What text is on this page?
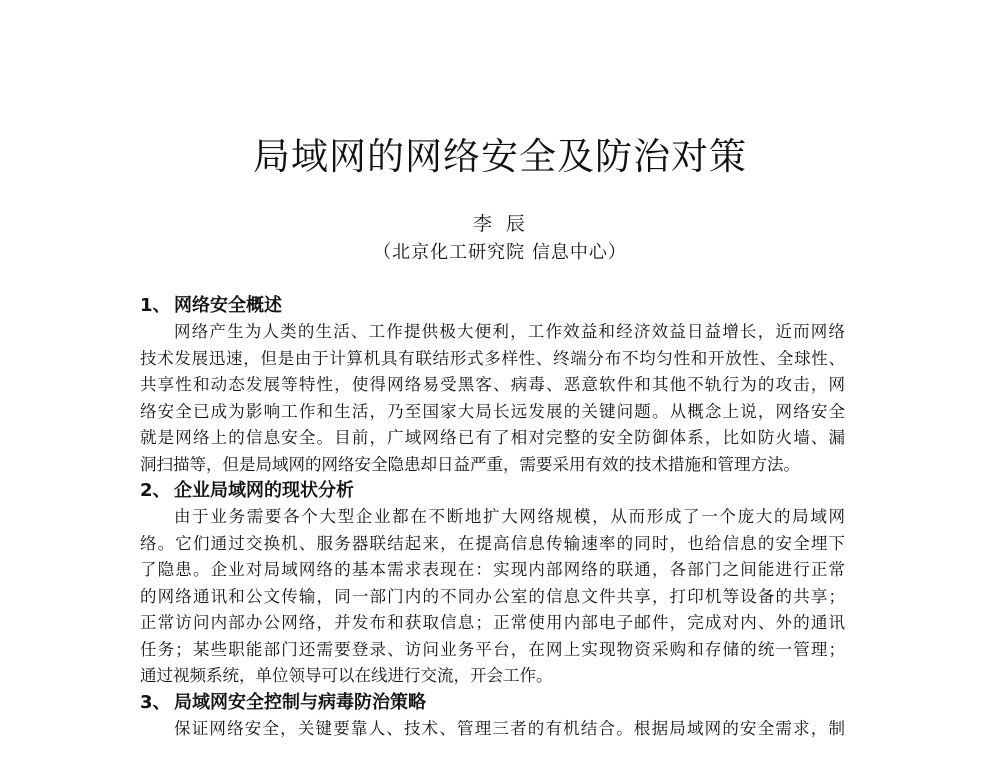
局域网的网络安全及防治对策
李辰
（北京化工研究院 信息中心）
1、 网络安全概述
网络产生为人类的生活、工作提供极大便利，工作效益和经济效益日益增长，近而网络
技术发展迅速，但是由于计算机具有联结形式多样性、终端分布不均匀性和开放性、全球性、
共享性和动态发展等特性，使得网络易受黑客、病毒、恶意软件和其他不轨行为的攻击，网
络安全已成为影响工作和生活，乃至国家大局长远发展的关键问题。从概念上说，网络安全
就是网络上的信息安全。目前，广域网络已有了相对完整的安全防御体系，比如防火墙、漏
洞扫描等，但是局域网的网络安全隐患却日益严重，需要采用有效的技术措施和管理方法。
2、 企业局域网的现状分析
由于业务需要各个大型企业都在不断地扩大网络规模，从而形成了一个庞大的局域网
络。它们通过交换机、服务器联结起来，在提高信息传输速率的同时，也给信息的安全埋下
了隐患。企业对局域网络的基本需求表现在：实现内部网络的联通，各部门之间能进行正常
的网络通讯和公文传输，同一部门内的不同办公室的信息文件共享，打印机等设备的共享；
正常访问内部办公网络，并发布和获取信息；正常使用内部电子邮件，完成对内、外的通讯
任务；某些职能部门还需要登录、访问业务平台，在网上实现物资采购和存储的统一管理；
通过视频系统，单位领导可以在线进行交流，开会工作。
3、 局域网安全控制与病毒防治策略
保证网络安全，关键要靠人、技术、管理三者的有机结合。根据局域网的安全需求，制
